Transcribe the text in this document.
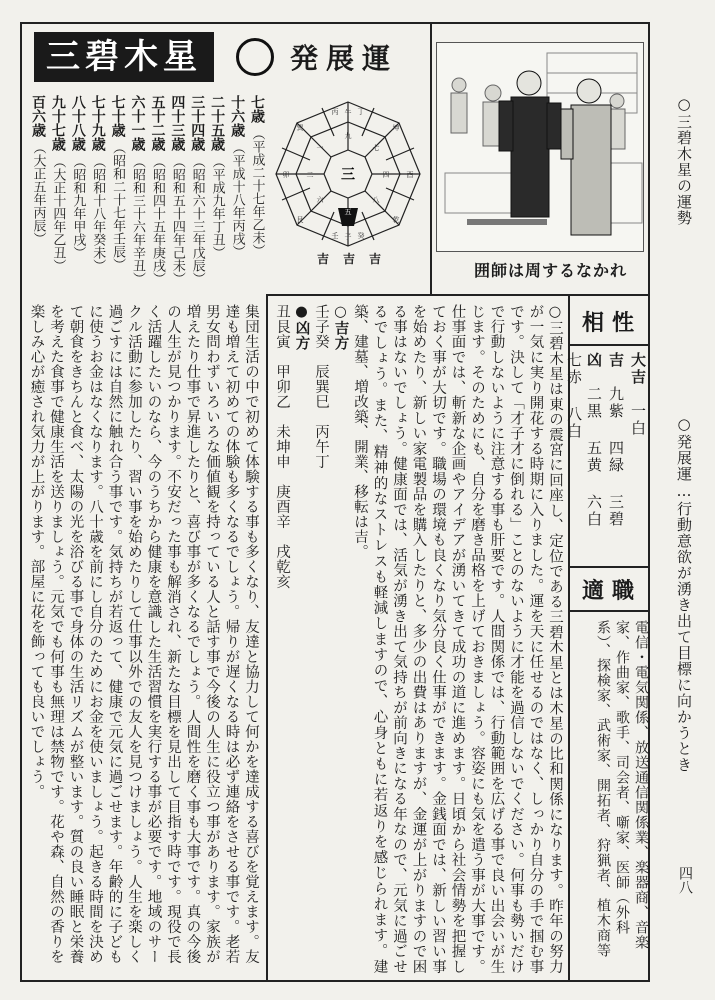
三碧木星	発展運
七歳
（平成二十七年乙未）
十六歳
（平成十八年丙戌）
二十五歳
（平成九年丁丑）
三十四歳
（昭和六十三年戊辰）
四十三歳
（昭和五十四年己未）
五十二歳
（昭和四十五年庚戌）
六十一歳
（昭和三十六年辛丑）
七十歳
（昭和二十七年壬辰）
七十九歳
（昭和十八年癸未）
八十八歳
（昭和九年甲戌）
九十七歳
（大正十四年乙丑）
百六歳
（大正五年丙辰）
午
丙	丁
子
壬	癸
卯	酉
巽	坤
艮	乾
九
五
二	四
一	七
六	八
三
吉 吉 吉
囲師は周するなかれ
○三碧木星の運勢
○発展運…行動意欲が湧き出て目標に向かうとき
四八
相性
大吉　一白
吉　九紫 四緑 三碧
凶　二黒 五黄 六白 七赤 八白
適職
電信・電気関係、放送通信関係業、楽器商、音楽家、作曲家、歌手、司会者、噺家、医師（外科系）、探検家、武術家、開拓者、狩猟者、植木商等
○三碧木星は東の震宮に回座し、定位である三碧木星とは木星の比和関係になります。昨年の努力が一気に実り開花する時期に入りました。運を天に任せるのではなく、しっかり自分の手で掴む事です。決して「才子才に倒れる」ことのないように才能を過信しないでください。何事も勢いだけで行動しないように注意する事も肝要です。人間関係では、行動範囲を広げる事で良い出会いが生じます。そのためにも、自分を磨き品格を上げておきましょう。容姿にも気を遣う事が大事です。仕事面では、斬新な企画やアイデアが湧いてきて成功の道に進めます。日頃から社会情勢を把握しておく事が大切です。職場の環境も良くなり気分良く仕事ができます。金銭面では、新しい習い事を始めたり、新しい家電製品を購入したりと、多少の出費はありますが、金運が上がりますので困る事はないでしょう。健康面では、活気が湧き出て気持ちが前向きになる年なので、元気に過ごせるでしょう。また、精神的なストレスも軽減しますので、心身ともに若返りを感じられます。建築、建墓、増改築、開業、移転は吉。
○吉方
壬子癸　辰巽巳　丙午丁
●凶方
丑艮寅　甲卯乙　未坤申　庚酉辛　戌乾亥
集団生活の中で初めて体験する事も多くなり、友達と協力して何かを達成する喜びを覚えます。友達も増えて初めての体験も多くなるでしょう。帰りが遅くなる時は必ず連絡をさせる事です。老若男女問わずいろいろな価値観を持っている人と話す事で今後の人生に役立つ事があります。家族が増えたり仕事で昇進したりと、喜び事が多くなるでしょう。人間性を磨く事も大事です。真の今後の人生が見つかります。不安だった事も解消され、新たな目標を見出して目指す時です。現役で長く活躍したいのなら、今のうちから健康を意識した生活習慣を実行する事が必要です。地域のサークル活動に参加したり、習い事を始めたりして仕事以外での友人を見つけましょう。人生を楽しく過ごすには自然に触れ合う事です。気持ちが若返って、健康で元気に過ごせます。年齢的に子どもに使うお金はなくなります。八十歳を前にし自分のためにお金を使いましょう。起きる時間を決めて朝食をきちんと食べ、太陽の光を浴びる事で身体の生活リズムが整います。質の良い睡眠と栄養を考えた食事で健康生活を送りましょう。元気でも何事も無理は禁物です。花や森、自然の香りを楽しみ心が癒され気力が上がります。部屋に花を飾っても良いでしょう。
